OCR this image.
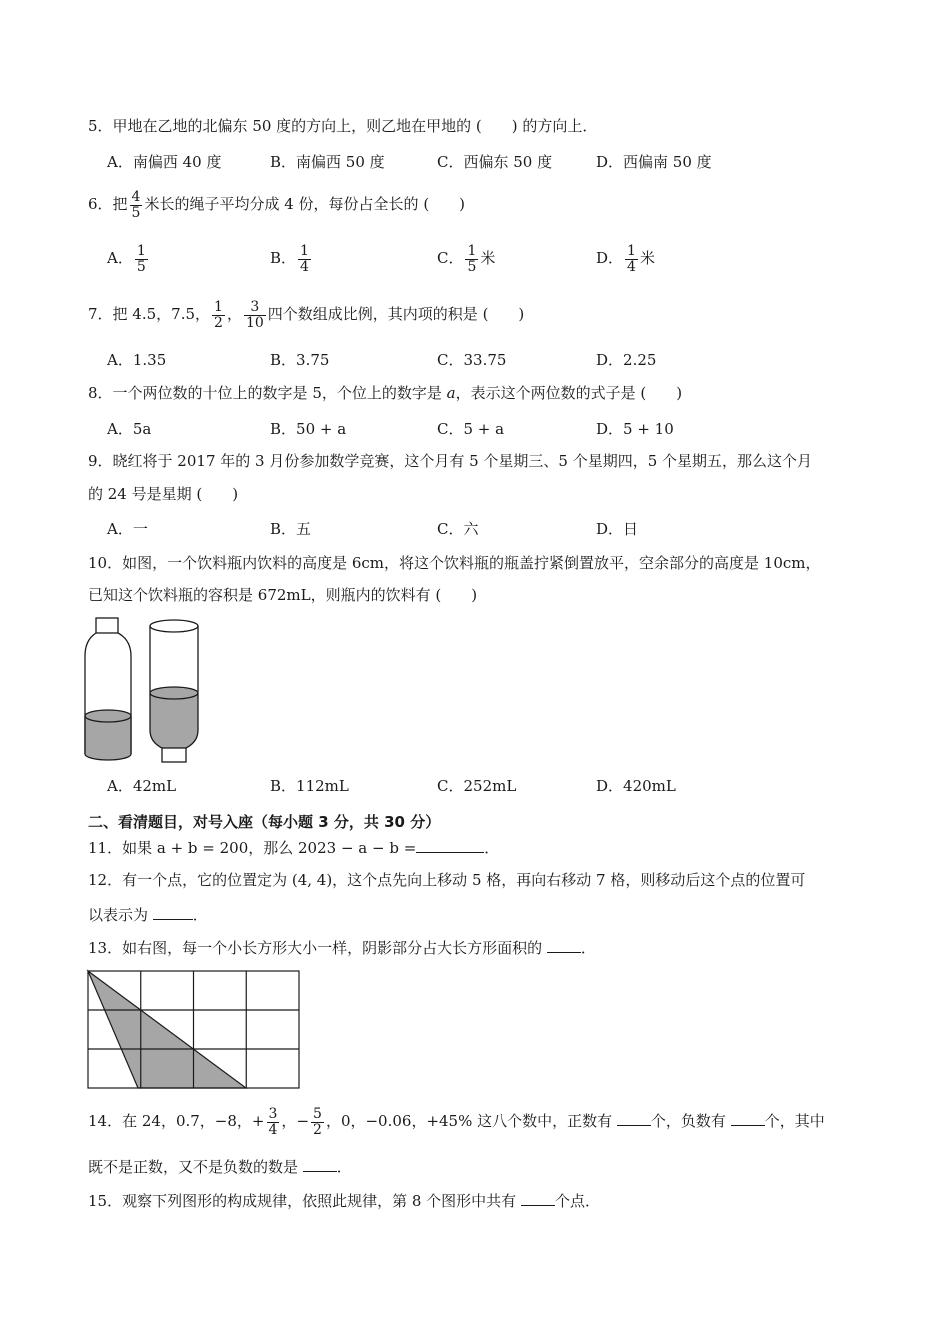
5．甲地在乙地的北偏东 50 度的方向上，则乙地在甲地的 (　　) 的方向上．
A．南偏西 40 度	B．南偏西 50 度	C．西偏东 50 度	D．西偏南 50 度
6．把 $\frac{4}{5}$ 米长的绳子平均分成 4 份，每份占全长的 (　　)
A． $\frac{1}{5}$	B． $\frac{1}{4}$	C． $\frac{1}{5}$ 米	D． $\frac{1}{4}$ 米
7．把 4.5，7.5， $\frac{1}{2}$ ， $\frac{3}{10}$ 四个数组成比例，其内项的积是 (　　)
A．1.35	B．3.75	C．33.75	D．2.25
8．一个两位数的十位上的数字是 5，个位上的数字是 a，表示这个两位数的式子是 (　　)
A．5a	B．50 + a	C．5 + a	D．5 + 10
9．晓红将于 2017 年的 3 月份参加数学竞赛，这个月有 5 个星期三、5 个星期四，5 个星期五，那么这个月
的 24 号是星期 (　　)
A．一	B．五	C．六	D．日
10．如图，一个饮料瓶内饮料的高度是 6cm，将这个饮料瓶的瓶盖拧紧倒置放平，空余部分的高度是 10cm，
已知这个饮料瓶的容积是 672mL，则瓶内的饮料有 (　　)
A．42mL	B．112mL	C．252mL	D．420mL
二、看清题目，对号入座（每小题 3 分，共 30 分）
11．如果 a + b = 200，那么 2023 − a − b =	．
12．有一个点，它的位置定为 (4, 4)，这个点先向上移动 5 格，再向右移动 7 格，则移动后这个点的位置可
以表示为	．
13．如右图，每一个小长方形大小一样，阴影部分占大长方形面积的	．
14．在 24，0.7，−8，+ $\frac{3}{4}$ ，− $\frac{5}{2}$ ，0，−0.06，+45% 这八个数中，正数有	个，负数有	个，其中
既不是正数，又不是负数的数是	．
15．观察下列图形的构成规律，依照此规律，第 8 个图形中共有	个点．
